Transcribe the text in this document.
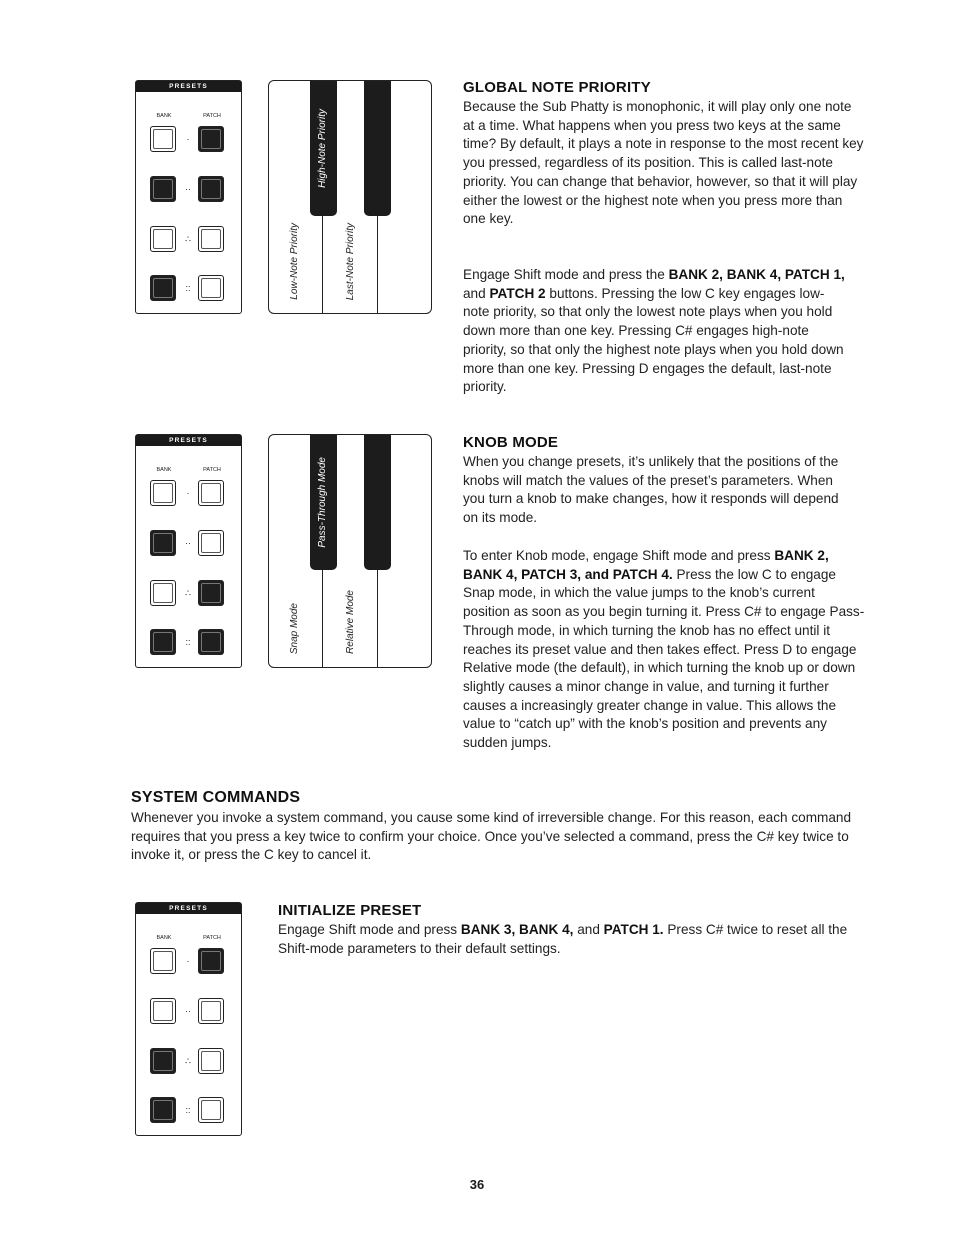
PRESETS
BANK	PATCH
·
··
∴
::	Low-Note Priority
High-Note Priority
Last-Note Priority
GLOBAL NOTE PRIORITY
Because the Sub Phatty is monophonic, it will play only one note at a time. What happens when you press two keys at the same time? By default, it plays a note in response to the most recent key you pressed, regardless of its position. This is called last-note priority. You can change that behavior, however, so that it will play either the lowest or the highest note when you press more than one key.
Engage Shift mode and press the BANK 2, BANK 4, PATCH 1, and PATCH 2 buttons. Pressing the low C key engages low-note priority, so that only the lowest note plays when you hold down more than one key. Pressing C# engages high-note priority, so that only the highest note plays when you hold down more than one key. Pressing D engages the default, last-note priority.
PRESETS
BANK	PATCH
·
··
∴
::	Snap Mode
Pass-Through Mode
Relative Mode
KNOB MODE
When you change presets, it’s unlikely that the positions of the knobs will match the values of the preset’s parameters. When you turn a knob to make changes, how it responds will depend on its mode.
To enter Knob mode, engage Shift mode and press BANK 2, BANK 4, PATCH 3, and PATCH 4. Press the low C to engage Snap mode, in which the value jumps to the knob’s current position as soon as you begin turning it. Press C# to engage Pass-Through mode, in which turning the knob has no effect until it reaches its preset value and then takes effect. Press D to engage Relative mode (the default), in which turning the knob up or down slightly causes a minor change in value, and turning it further causes a increasingly greater change in value. This allows the value to “catch up” with the knob’s position and prevents any sudden jumps.
SYSTEM COMMANDS
Whenever you invoke a system command, you cause some kind of irreversible change. For this reason, each command requires that you press a key twice to confirm your choice. Once you’ve selected a command, press the C# key twice to invoke it, or press the C key to cancel it.
PRESETS
BANK	PATCH
·
··
∴
::
INITIALIZE PRESET
Engage Shift mode and press BANK 3, BANK 4, and PATCH 1. Press C# twice to reset all the Shift-mode parameters to their default settings.
36
